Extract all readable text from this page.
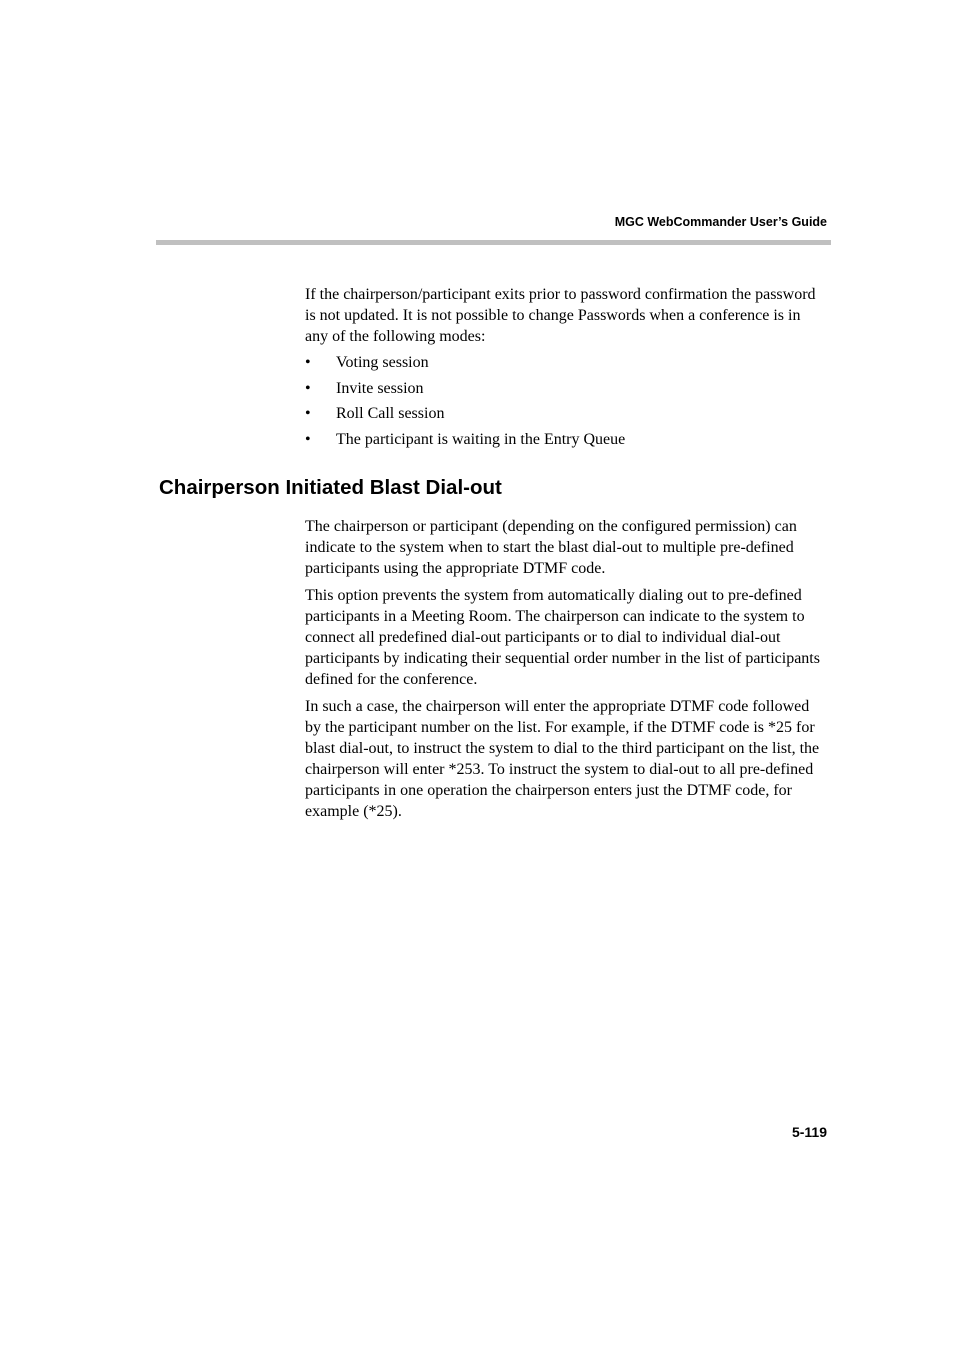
MGC WebCommander User’s Guide

If the chairperson/participant exits prior to password confirmation the password is not updated. It is not possible to change Passwords when a conference is in any of the following modes:

• Voting session
• Invite session
• Roll Call session
• The participant is waiting in the Entry Queue
Chairperson Initiated Blast Dial-out

The chairperson or participant (depending on the configured permission) can indicate to the system when to start the blast dial-out to multiple pre-defined participants using the appropriate DTMF code.

This option prevents the system from automatically dialing out to pre-defined participants in a Meeting Room. The chairperson can indicate to the system to connect all predefined dial-out participants or to dial to individual dial-out participants by indicating their sequential order number in the list of participants defined for the conference.

In such a case, the chairperson will enter the appropriate DTMF code followed by the participant number on the list. For example, if the DTMF code is *25 for blast dial-out, to instruct the system to dial to the third participant on the list, the chairperson will enter *253. To instruct the system to dial-out to all pre-defined participants in one operation the chairperson enters just the DTMF code, for example (*25).

5-119
